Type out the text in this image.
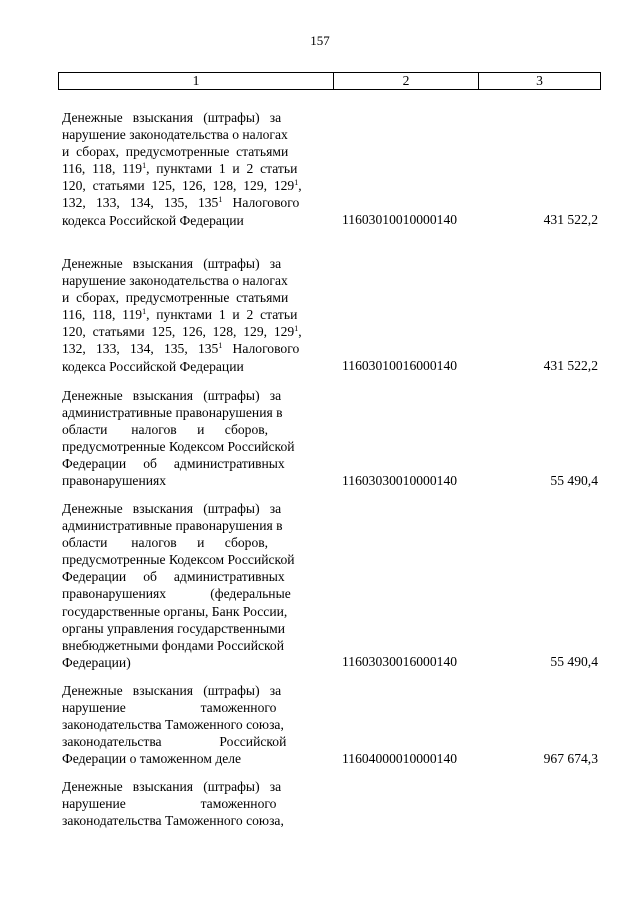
157
1	2	3
Денежные   взыскания   (штрафы)   за
нарушение законодательства о налогах
и  сборах,  предусмотренные  статьями
116,  118,  $119^1$,  пунктами  1  и  2  статьи
120,  статьями  125,  126,  128,  129,  $129^1$,
132,   133,   134,   135,   $135^1$   Налогового
кодекса Российской Федерации	11603010010000140	431 522,2
Денежные   взыскания   (штрафы)   за
нарушение законодательства о налогах
и  сборах,  предусмотренные  статьями
116,  118,  $119^1$,  пунктами  1  и  2  статьи
120,  статьями  125,  126,  128,  129,  $129^1$,
132,   133,   134,   135,   $135^1$   Налогового
кодекса Российской Федерации	11603010016000140	431 522,2
Денежные   взыскания   (штрафы)   за
административные правонарушения в
области       налогов      и      сборов,
предусмотренные Кодексом Российской
Федерации     об     административных
правонарушениях	11603030010000140	55 490,4
Денежные   взыскания   (штрафы)   за
административные правонарушения в
области       налогов      и      сборов,
предусмотренные Кодексом Российской
Федерации     об     административных
правонарушениях             (федеральные
государственные органы, Банк России,
органы управления государственными
внебюджетными фондами Российской
Федерации)	11603030016000140	55 490,4
Денежные   взыскания   (штрафы)   за
нарушение                      таможенного
законодательства Таможенного союза,
законодательства                 Российской
Федерации о таможенном деле	11604000010000140	967 674,3
Денежные   взыскания   (штрафы)   за
нарушение                      таможенного
законодательства Таможенного союза,
